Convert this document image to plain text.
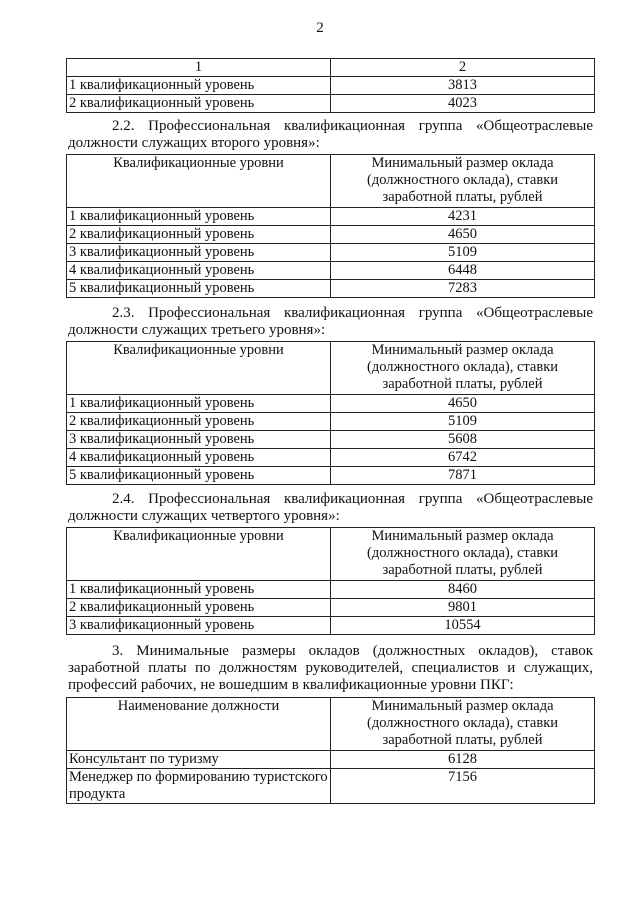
2
1	2
1 квалификационный уровень	3813
2 квалификационный уровень	4023
2.2. Профессиональная квалификационная группа «Общеотраслевые должности служащих второго уровня»:
Квалификационные уровни	Минимальный размер оклада (должностного оклада), ставки заработной платы, рублей
1 квалификационный уровень	4231
2 квалификационный уровень	4650
3 квалификационный уровень	5109
4 квалификационный уровень	6448
5 квалификационный уровень	7283
2.3. Профессиональная квалификационная группа «Общеотраслевые должности служащих третьего уровня»:
Квалификационные уровни	Минимальный размер оклада (должностного оклада), ставки заработной платы, рублей
1 квалификационный уровень	4650
2 квалификационный уровень	5109
3 квалификационный уровень	5608
4 квалификационный уровень	6742
5 квалификационный уровень	7871
2.4. Профессиональная квалификационная группа «Общеотраслевые должности служащих четвертого уровня»:
Квалификационные уровни	Минимальный размер оклада (должностного оклада), ставки заработной платы, рублей
1 квалификационный уровень	8460
2 квалификационный уровень	9801
3 квалификационный уровень	10554
3. Минимальные размеры окладов (должностных окладов), ставок заработной платы по должностям руководителей, специалистов и служащих, профессий рабочих, не вошедшим в квалификационные уровни ПКГ:
Наименование должности	Минимальный размер оклада (должностного оклада), ставки заработной платы, рублей
Консультант по туризму	6128
Менеджер по формированию туристского продукта	7156
